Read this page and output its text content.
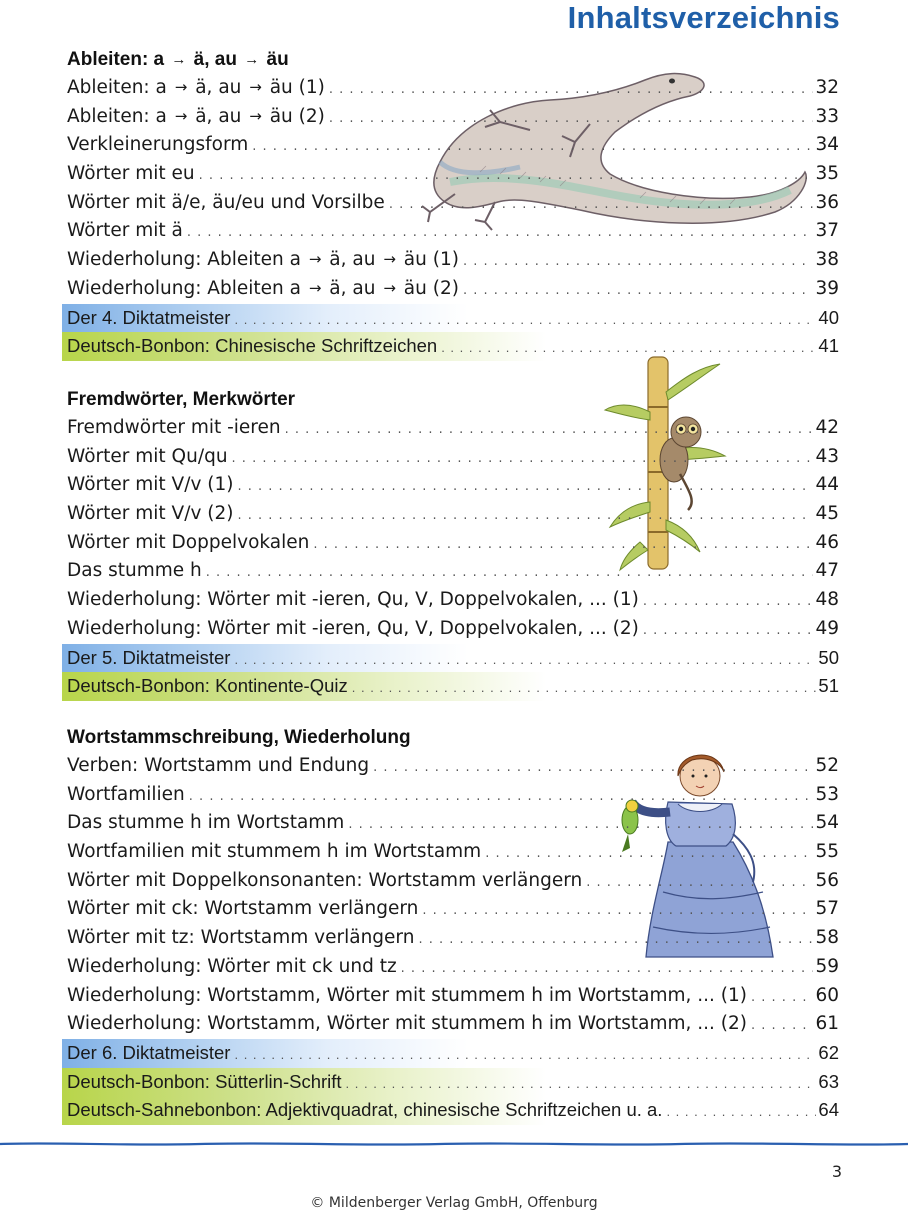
Inhaltsverzeichnis
Ableiten: a → ä, au → äu
Ableiten: a → ä, au → äu (1) . . .	32
Ableiten: a → ä, au → äu (2) . . .	33
Verkleinerungsform . . .	34
Wörter mit eu . . .	35
Wörter mit ä/e, äu/eu und Vorsilbe . . .	36
Wörter mit ä . . .	37
Wiederholung: Ableiten a → ä, au → äu (1) . . .	38
Wiederholung: Ableiten a → ä, au → äu (2) . . .	39
Der 4. Diktatmeister . . .	40
Deutsch-Bonbon: Chinesische Schriftzeichen . . .	41
Fremdwörter, Merkwörter
Fremdwörter mit -ieren . . .	42
Wörter mit Qu/qu . . .	43
Wörter mit V/v (1) . . .	44
Wörter mit V/v (2) . . .	45
Wörter mit Doppelvokalen . . .	46
Das stumme h . . .	47
Wiederholung: Wörter mit -ieren, Qu, V, Doppelvokalen, ... (1) . . .	48
Wiederholung: Wörter mit -ieren, Qu, V, Doppelvokalen, ... (2) . . .	49
Der 5. Diktatmeister . . .	50
Deutsch-Bonbon: Kontinente-Quiz . . .	51
Wortstammschreibung, Wiederholung
Verben: Wortstamm und Endung . . .	52
Wortfamilien . . .	53
Das stumme h im Wortstamm . . .	54
Wortfamilien mit stummem h im Wortstamm . . .	55
Wörter mit Doppelkonsonanten: Wortstamm verlängern . . .	56
Wörter mit ck: Wortstamm verlängern . . .	57
Wörter mit tz: Wortstamm verlängern . . .	58
Wiederholung: Wörter mit ck und tz . . .	59
Wiederholung: Wortstamm, Wörter mit stummem h im Wortstamm, ... (1) . . .	60
Wiederholung: Wortstamm, Wörter mit stummem h im Wortstamm, ... (2) . . .	61
Der 6. Diktatmeister . . .	62
Deutsch-Bonbon: Sütterlin-Schrift . . .	63
Deutsch-Sahnebonbon: Adjektivquadrat, chinesische Schriftzeichen u. a. . . .	64
3
© Mildenberger Verlag GmbH, Offenburg
